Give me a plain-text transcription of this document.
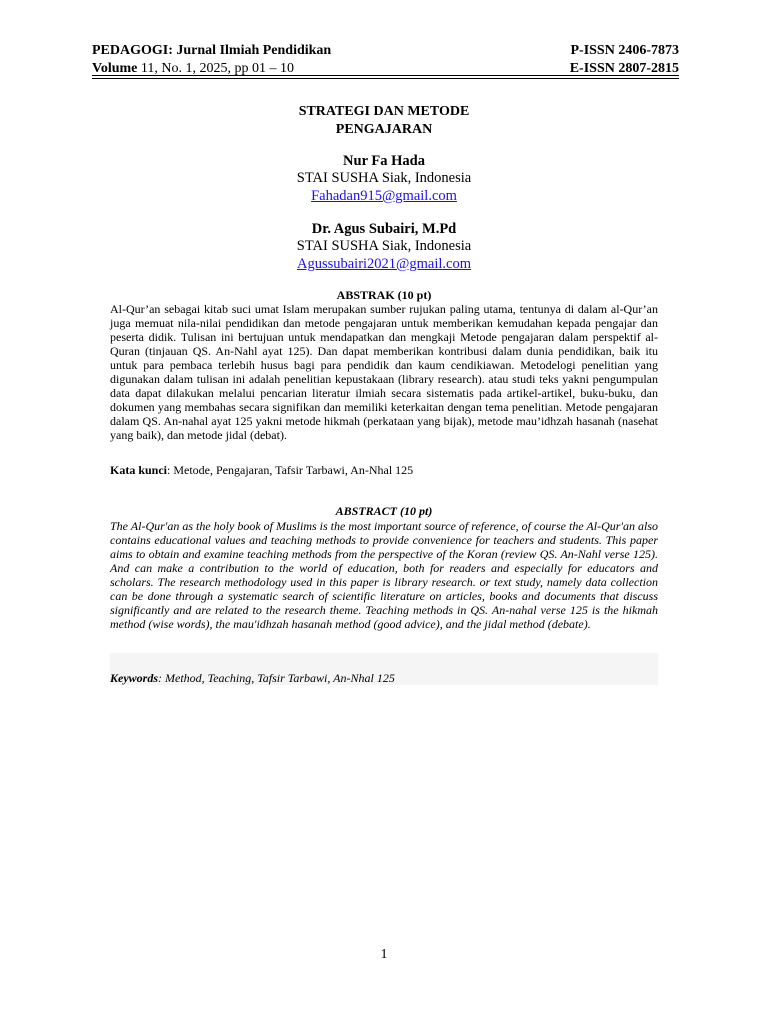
PEDAGOGI: Jurnal Ilmiah Pendidikan	P-ISSN 2406-7873
Volume 11, No. 1, 2025, pp 01 – 10	E-ISSN 2807-2815
STRATEGI DAN METODE
PENGAJARAN
Nur Fa Hada
STAI SUSHA Siak, Indonesia
Fahadan915@gmail.com
Dr. Agus Subairi, M.Pd
STAI SUSHA Siak, Indonesia
Agussubairi2021@gmail.com
ABSTRAK (10 pt)
Al-Qur’an sebagai kitab suci umat Islam merupakan sumber rujukan paling utama, tentunya di dalam al-Qur’an juga memuat nila-nilai pendidikan dan metode pengajaran untuk memberikan kemudahan kepada pengajar dan peserta didik. Tulisan ini bertujuan untuk mendapatkan dan mengkaji Metode pengajaran dalam perspektif al-Quran (tinjauan QS. An-Nahl ayat 125). Dan dapat memberikan kontribusi dalam dunia pendidikan, baik itu untuk para pembaca terlebih husus bagi para pendidik dan kaum cendikiawan. Metodelogi penelitian yang digunakan dalam tulisan ini adalah penelitian kepustakaan (library research). atau studi teks yakni pengumpulan data dapat dilakukan melalui pencarian literatur ilmiah secara sistematis pada artikel-artikel, buku-buku, dan dokumen yang membahas secara signifikan dan memiliki keterkaitan dengan tema penelitian. Metode pengajaran dalam QS. An-nahal ayat 125 yakni metode hikmah (perkataan yang bijak), metode mau’idhzah hasanah (nasehat yang baik), dan metode jidal (debat).
Kata kunci: Metode, Pengajaran, Tafsir Tarbawi, An-Nhal 125
ABSTRACT (10 pt)
The Al-Qur'an as the holy book of Muslims is the most important source of reference, of course the Al-Qur'an also contains educational values and teaching methods to provide convenience for teachers and students. This paper aims to obtain and examine teaching methods from the perspective of the Koran (review QS. An-Nahl verse 125). And can make a contribution to the world of education, both for readers and especially for educators and scholars. The research methodology used in this paper is library research. or text study, namely data collection can be done through a systematic search of scientific literature on articles, books and documents that discuss significantly and are related to the research theme. Teaching methods in QS. An-nahal verse 125 is the hikmah method (wise words), the mau'idhzah hasanah method (good advice), and the jidal method (debate).
Keywords: Method, Teaching, Tafsir Tarbawi, An-Nhal 125
1
